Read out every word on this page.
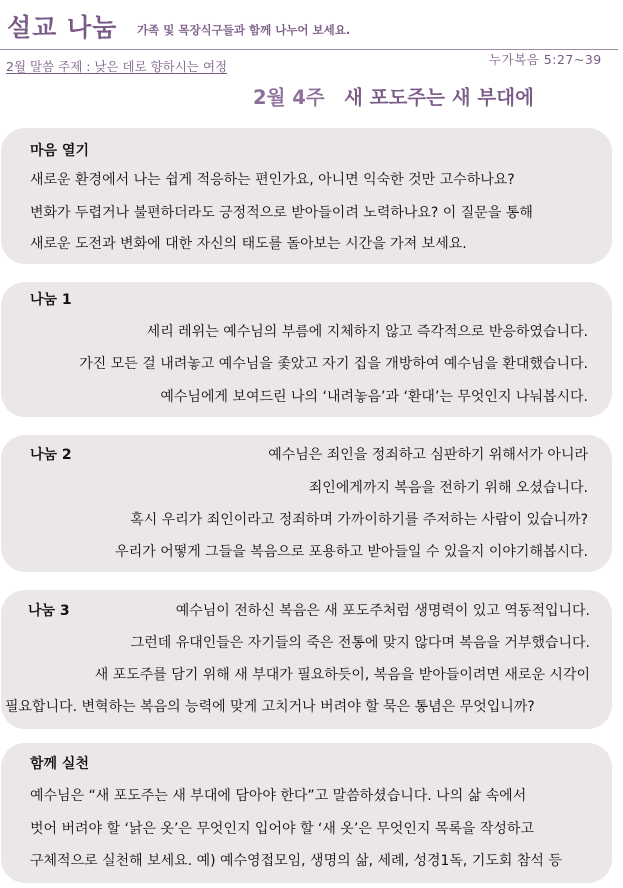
설교 나눔 가족 및 목장식구들과 함께 나누어 보세요.
2월 말씀 주제 : 낮은 데로 향하시는 여정	누가복음 5:27~39
2월 4주 새 포도주는 새 부대에
마음 열기
새로운 환경에서 나는 쉽게 적응하는 편인가요, 아니면 익숙한 것만 고수하나요?
변화가 두렵거나 불편하더라도 긍정적으로 받아들이려 노력하나요? 이 질문을 통해
새로운 도전과 변화에 대한 자신의 태도를 돌아보는 시간을 가져 보세요.
나눔 1
세리 레위는 예수님의 부름에 지체하지 않고 즉각적으로 반응하였습니다.
가진 모든 걸 내려놓고 예수님을 좇았고 자기 집을 개방하여 예수님을 환대했습니다.
예수님에게 보여드린 나의 ‘내려놓음’과 ‘환대’는 무엇인지 나눠봅시다.
나눔 2	예수님은 죄인을 정죄하고 심판하기 위해서가 아니라
죄인에게까지 복음을 전하기 위해 오셨습니다.
혹시 우리가 죄인이라고 정죄하며 가까이하기를 주저하는 사람이 있습니까?
우리가 어떻게 그들을 복음으로 포용하고 받아들일 수 있을지 이야기해봅시다.
나눔 3	예수님이 전하신 복음은 새 포도주처럼 생명력이 있고 역동적입니다.
그런데 유대인들은 자기들의 죽은 전통에 맞지 않다며 복음을 거부했습니다.
새 포도주를 담기 위해 새 부대가 필요하듯이, 복음을 받아들이려면 새로운 시각이
필요합니다. 변혁하는 복음의 능력에 맞게 고치거나 버려야 할 묵은 통념은 무엇입니까?
함께 실천
예수님은 “새 포도주는 새 부대에 담아야 한다”고 말씀하셨습니다. 나의 삶 속에서
벗어 버려야 할 ‘낡은 옷’은 무엇인지 입어야 할 ‘새 옷’은 무엇인지 목록을 작성하고
구체적으로 실천해 보세요. 예) 예수영접모임, 생명의 삶, 세례, 성경1독, 기도회 참석 등
